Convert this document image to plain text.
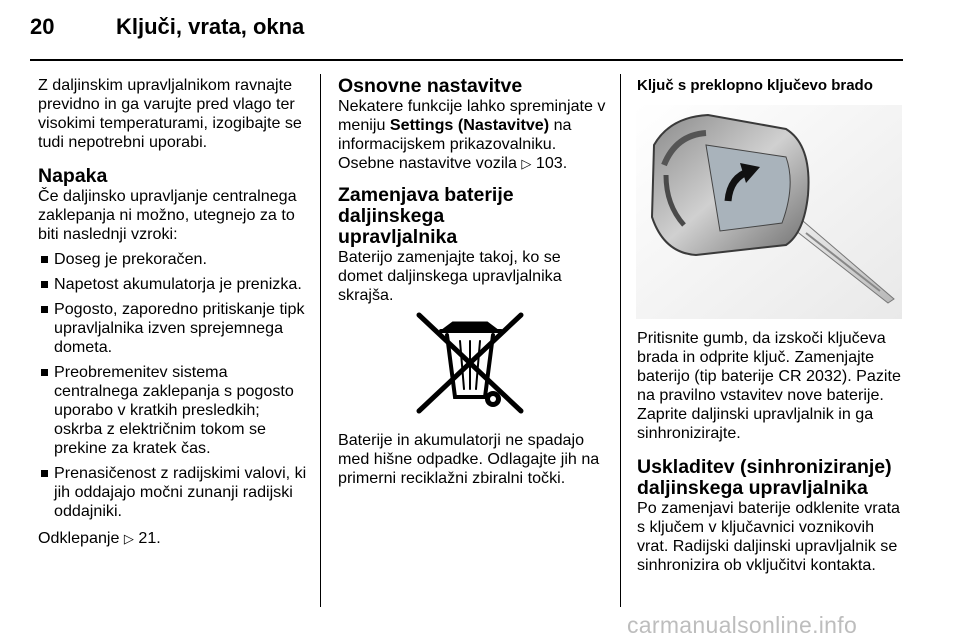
20	Ključi, vrata, okna

Z daljinskim upravljalnikom ravnajte
previdno in ga varujte pred vlago ter
visokimi temperaturami, izogibajte se
tudi nepotrebni uporabi.

Napaka

Če daljinsko upravljanje centralnega
zaklepanja ni možno, utegnejo za to
biti naslednji vzroki:

Doseg je prekoračen.

Napetost akumulatorja je prenizka.

Pogosto, zaporedno pritiskanje tipk
upravljalnika izven sprejemnega
dometa.

Preobremenitev sistema
centralnega zaklepanja s pogosto
uporabo v kratkih presledkih;
oskrba z električnim tokom se
prekine za kratek čas.

Prenasičenost z radijskimi valovi, ki
jih oddajajo močni zunanji radijski
oddajniki.

Odklepanje ▷ 21.

Osnovne nastavitve

Nekatere funkcije lahko spreminjate v
meniju Settings (Nastavitve) na
informacijskem prikazovalniku.
Osebne nastavitve vozila ▷ 103.

Zamenjava baterije daljinskega
upravljalnika

Baterijo zamenjajte takoj, ko se
domet daljinskega upravljalnika
skrajša.

Baterije in akumulatorji ne spadajo
med hišne odpadke. Odlagajte jih na
primerni reciklažni zbiralni točki.

Ključ s preklopno ključevo brado

Pritisnite gumb, da izskoči ključeva
brada in odprite ključ. Zamenjajte
baterijo (tip baterije CR 2032). Pazite
na pravilno vstavitev nove baterije.
Zaprite daljinski upravljalnik in ga
sinhronizirajte.

Uskladitev (sinhroniziranje)
daljinskega upravljalnika

Po zamenjavi baterije odklenite vrata
s ključem v ključavnici voznikovih
vrat. Radijski daljinski upravljalnik se
sinhronizira ob vključitvi kontakta.

carmanualsonline.info
